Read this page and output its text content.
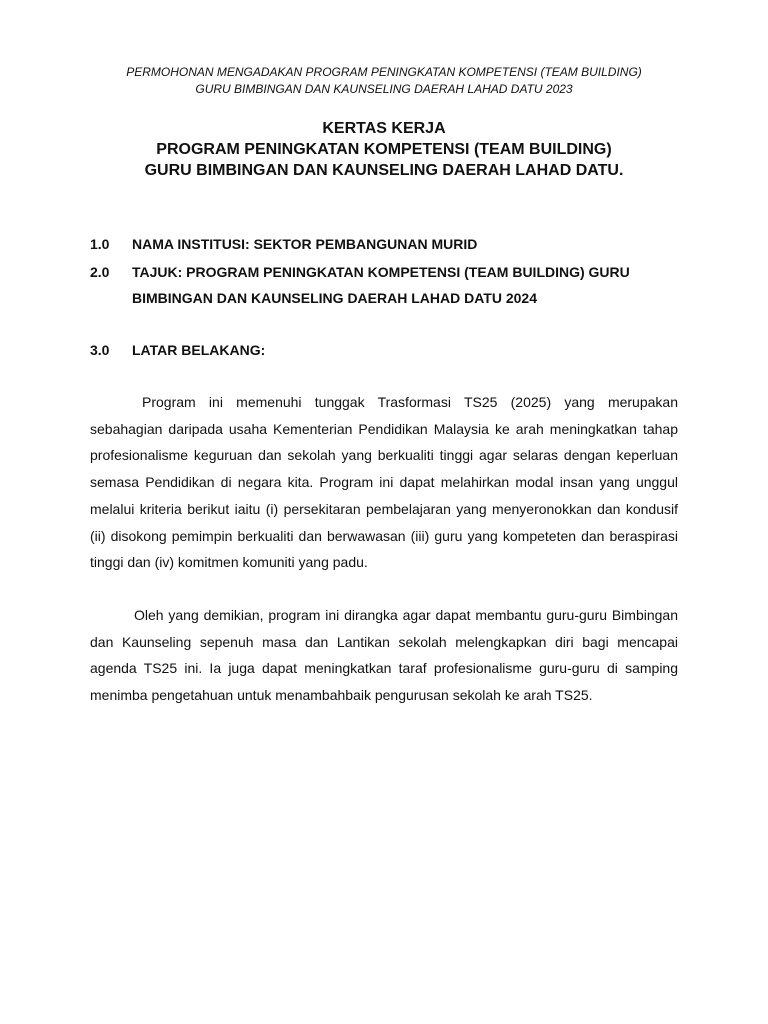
PERMOHONAN MENGADAKAN PROGRAM PENINGKATAN KOMPETENSI (TEAM BUILDING)
GURU BIMBINGAN DAN KAUNSELING DAERAH LAHAD DATU 2023
KERTAS KERJA
PROGRAM PENINGKATAN KOMPETENSI (TEAM BUILDING)
GURU BIMBINGAN DAN KAUNSELING DAERAH LAHAD DATU.
1.0	NAMA INSTITUSI: SEKTOR PEMBANGUNAN MURID
2.0	TAJUK: PROGRAM PENINGKATAN KOMPETENSI (TEAM BUILDING) GURU BIMBINGAN DAN KAUNSELING DAERAH LAHAD DATU 2024
3.0	LATAR BELAKANG:

Program ini memenuhi tunggak Trasformasi TS25 (2025) yang merupakan sebahagian daripada usaha Kementerian Pendidikan Malaysia ke arah meningkatkan tahap profesionalisme keguruan dan sekolah yang berkualiti tinggi agar selaras dengan keperluan semasa Pendidikan di negara kita. Program ini dapat melahirkan modal insan yang unggul melalui kriteria berikut iaitu (i) persekitaran pembelajaran yang menyeronokkan dan kondusif (ii) disokong pemimpin berkualiti dan berwawasan (iii) guru yang kompeteten dan beraspirasi tinggi dan (iv) komitmen komuniti yang padu.

Oleh yang demikian, program ini dirangka agar dapat membantu guru-guru Bimbingan dan Kaunseling sepenuh masa dan Lantikan sekolah melengkapkan diri bagi mencapai agenda TS25 ini. Ia juga dapat meningkatkan taraf profesionalisme guru-guru di samping menimba pengetahuan untuk menambahbaik pengurusan sekolah ke arah TS25.
